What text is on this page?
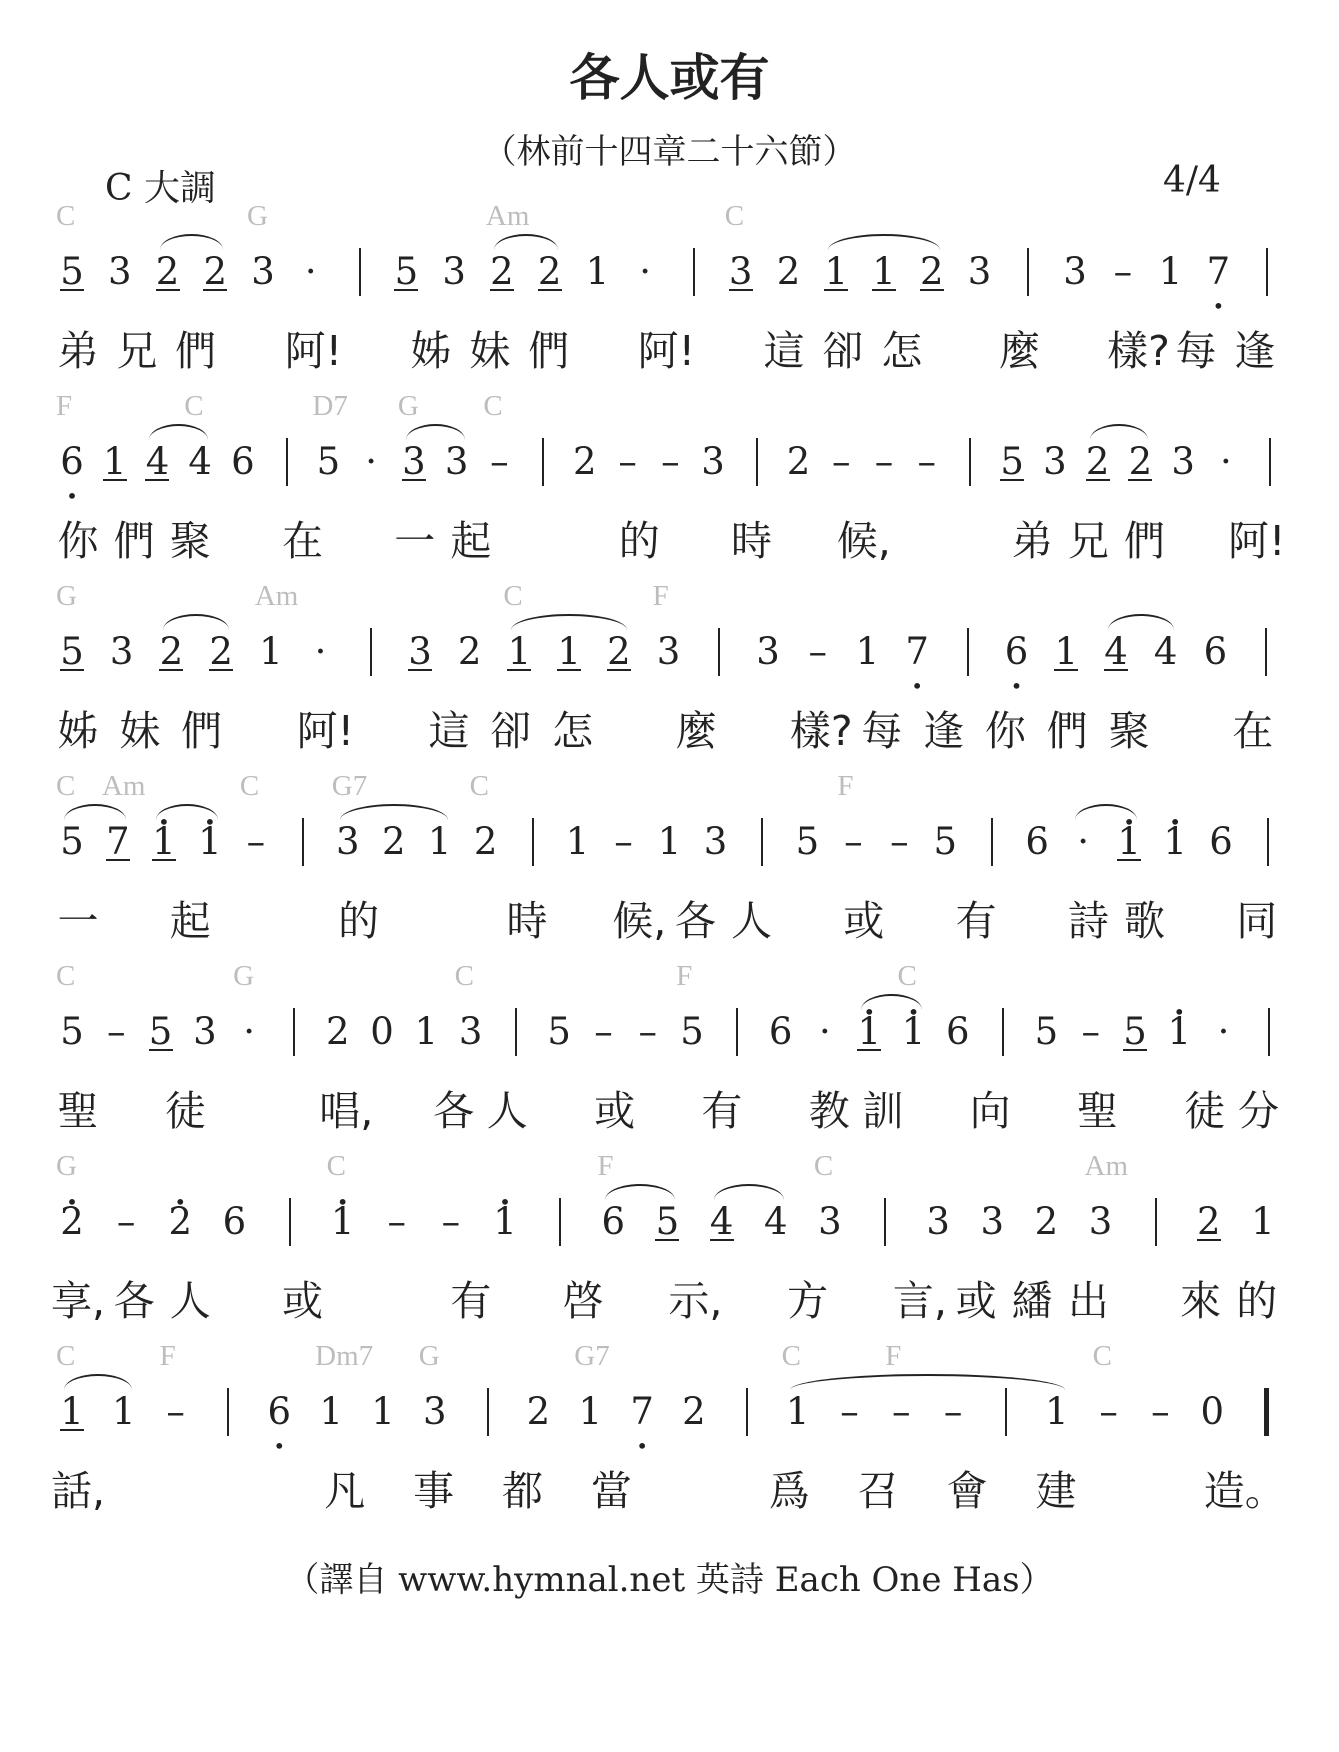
各人或有
（林前十四章二十六節）
C 大調	4/4
5 3 2 2 3 ·	5 3 2 2 1 ·	3 2 1 1 2 3 3 – 1 • 7
C	G	Am	C
弟 兄 們 阿! 姊 妹 們 阿! 這 卻 怎 麼 樣? 每 逢
• 6 1 4 4 6 5 · 3 3 – 2 – – 3 2 – – – 5 3 2 2 3 ·
F	C	D7 G C
你 們 聚 在 一 起	的 時 候,	弟 兄 們 阿!
5 3 2 2 1 ·	3 2 1 1 2 3 3 – 1 • 7 • 6 1 4 4 6
G	Am	C	F
姊 妹 們 阿! 這 卻 怎 麼 樣? 每 逢 你 們 聚 在
5 7 • 1 • 1 – 3 2 1 2 1 – 1 3 5 – – 5 6 · • 1 • 1 6
C Am	C	G7	C	F
一 起	的	時 候, 各 人 或 有 詩 歌 同
5 – 5 3 ·	2 0 1 3 5 – – 5 6 · • 1 • 1 6 5 – 5 • 1 ·
C	G	C	F	C
聖 徒	唱, 各 人 或 有 教 訓 向 聖 徒 分
• 2 – • 2 6 • 1 – – • 1 6 5 4 4 3 3 3 2 3 2 1
G	C	F	C	Am
享, 各 人 或	有 啓 示, 方 言, 或 繙 出 來 的
1 1 – • 6 1 1 3 2 1 • 7 2 1 – – – 1 – – 0
C	F	Dm7 G	G7	C	F	C
話,	凡 事 都 當	爲 召 會 建	造。
（譯自 www.hymnal.net 英詩 Each One Has）
